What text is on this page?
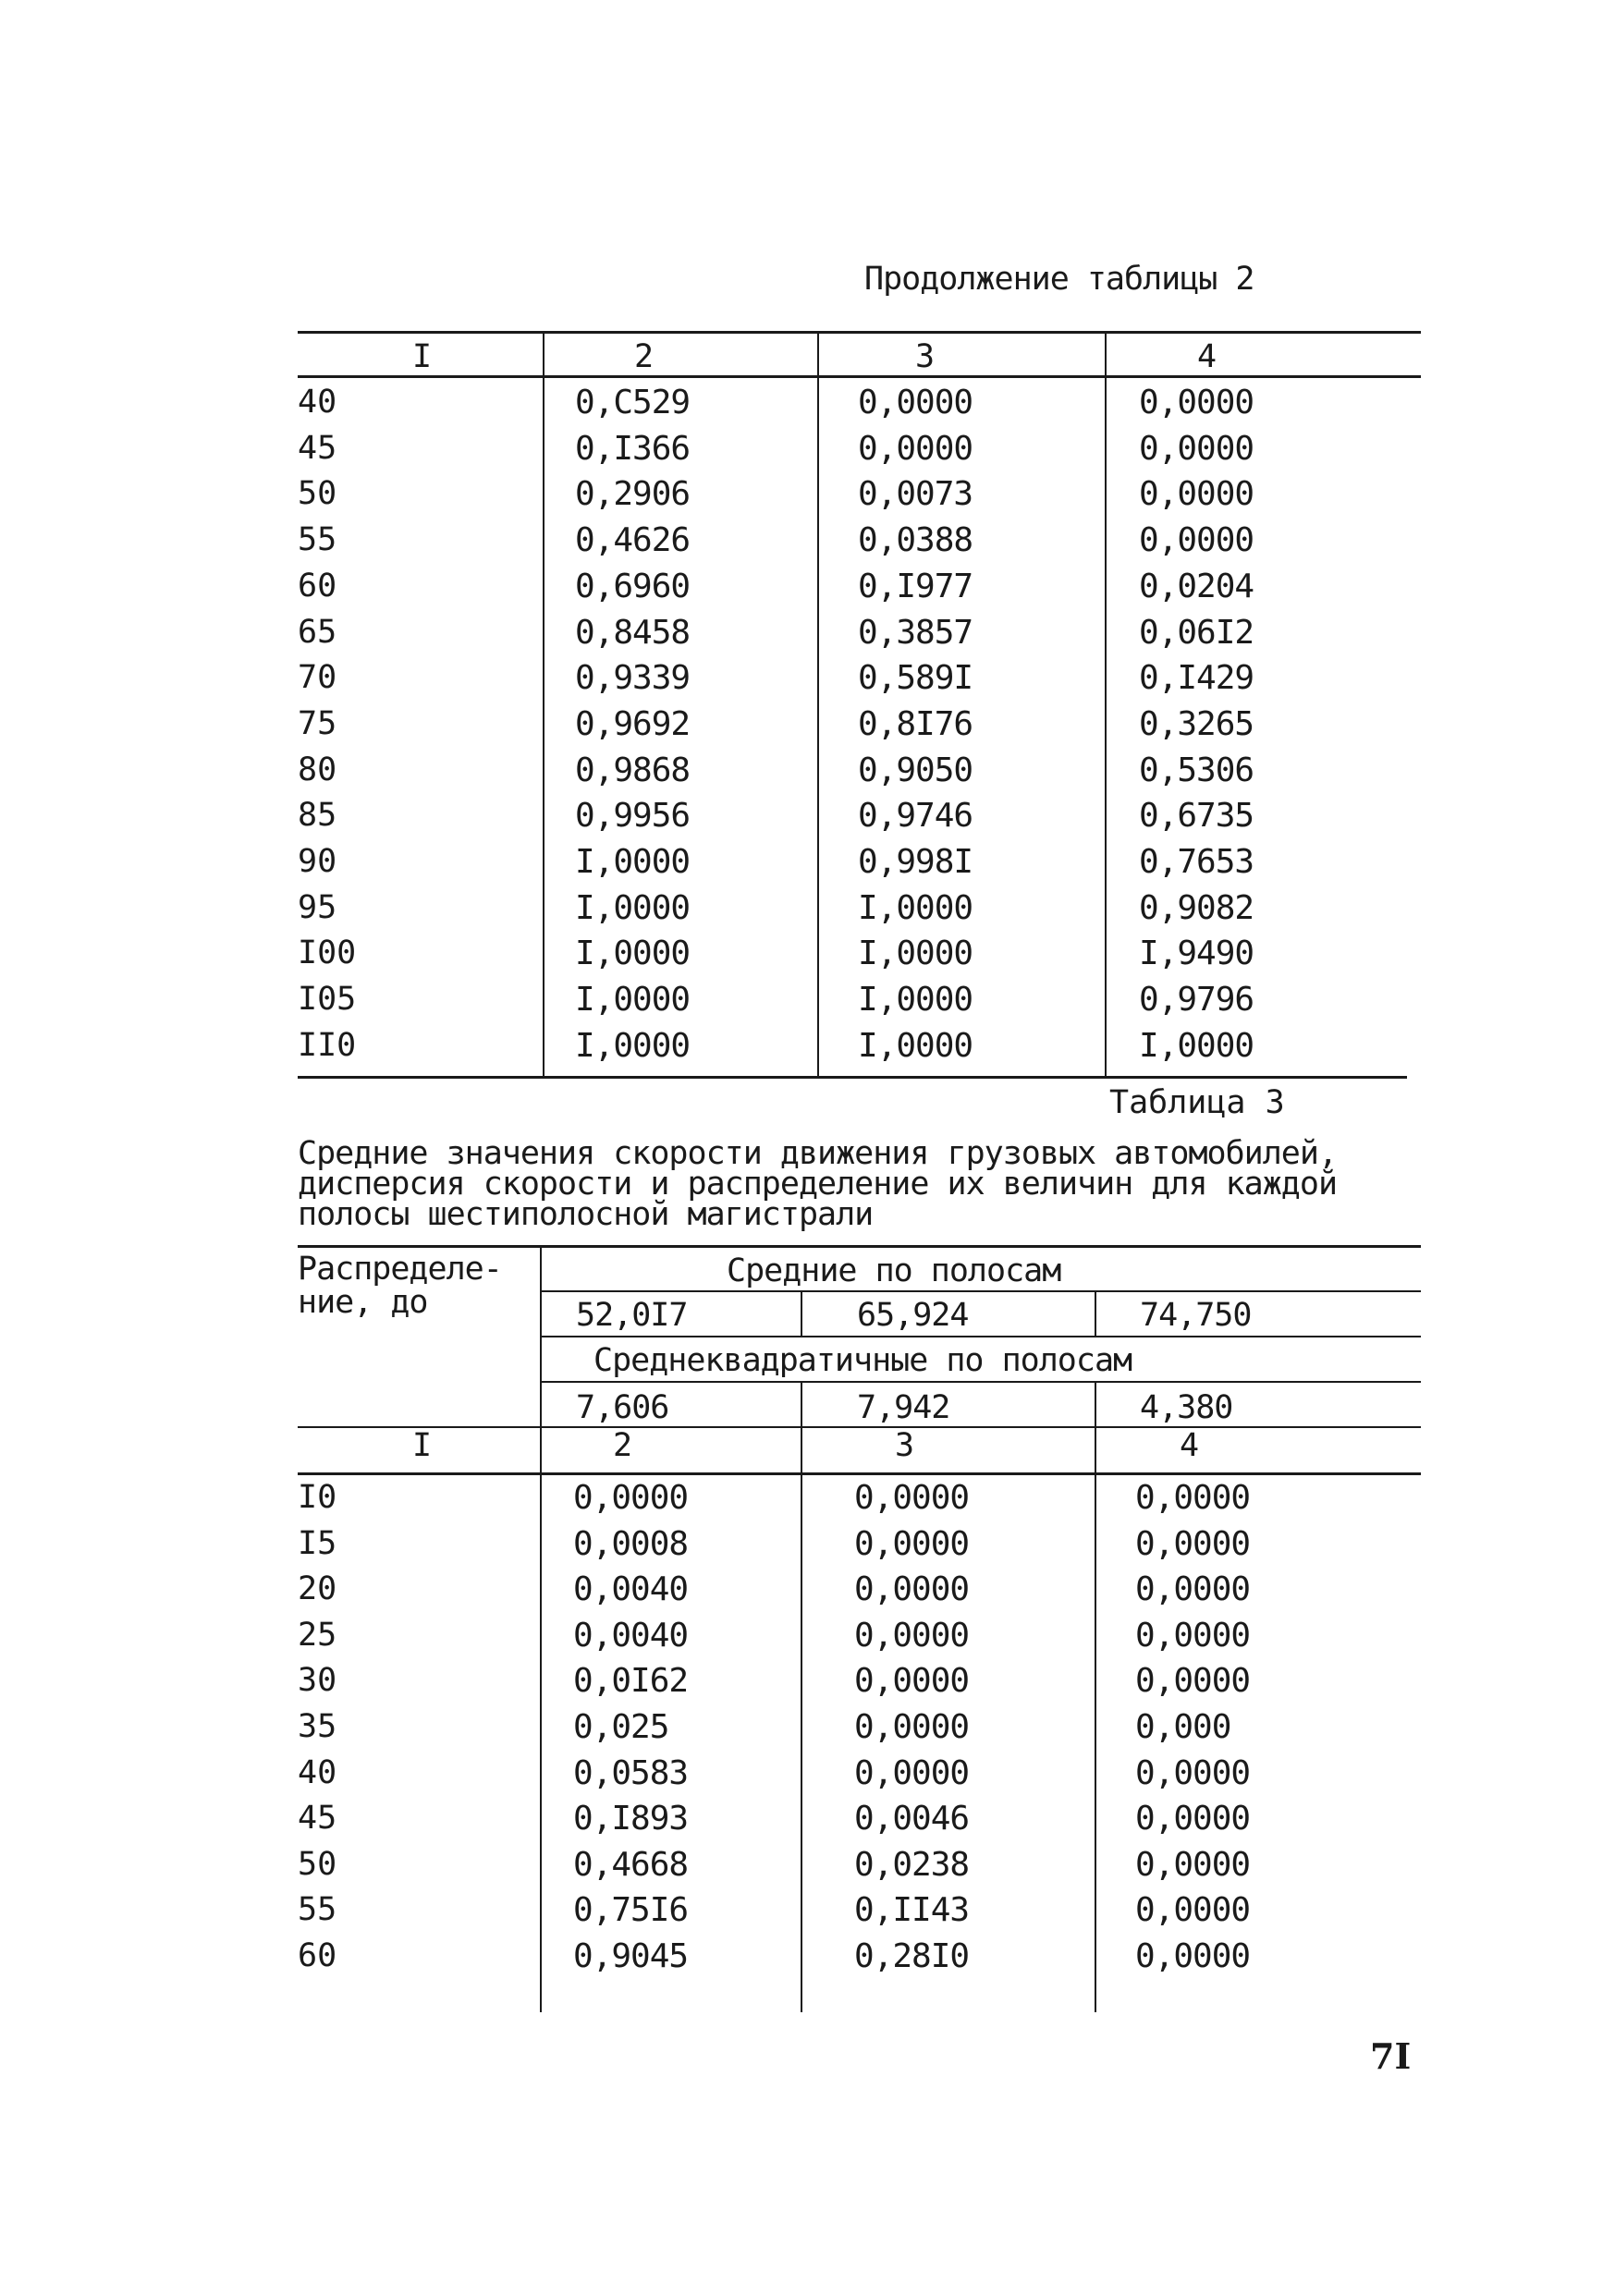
Продолжение таблицы 2
I	2	3	4
40	0,С529	0,0000	0,0000
45	0,I366	0,0000	0,0000
50	0,2906	0,0073	0,0000
55	0,4626	0,0388	0,0000
60	0,6960	0,I977	0,0204
65	0,8458	0,3857	0,06I2
70	0,9339	0,589I	0,I429
75	0,9692	0,8I76	0,3265
80	0,9868	0,9050	0,5306
85	0,9956	0,9746	0,6735
90	I,0000	0,998I	0,7653
95	I,0000	I,0000	0,9082
I00	I,0000	I,0000	I,9490
I05	I,0000	I,0000	0,9796
II0	I,0000	I,0000	I,0000
Таблица 3
Средние значения скорости движения грузовых автомобилей,
дисперсия скорости и распределение их величин для каждой
полосы шестиполосной магистрали
Распределе-
ние, до
Средние по полосам
52,0I7	65,924	74,750
Среднеквадратичные по полосам
7,606	7,942	4,380
I	2	3	4
I0	0,0000	0,0000	0,0000
I5	0,0008	0,0000	0,0000
20	0,0040	0,0000	0,0000
25	0,0040	0,0000	0,0000
30	0,0I62	0,0000	0,0000
35	0,025	0,0000	0,000
40	0,0583	0,0000	0,0000
45	0,I893	0,0046	0,0000
50	0,4668	0,0238	0,0000
55	0,75I6	0,II43	0,0000
60	0,9045	0,28I0	0,0000
7I
